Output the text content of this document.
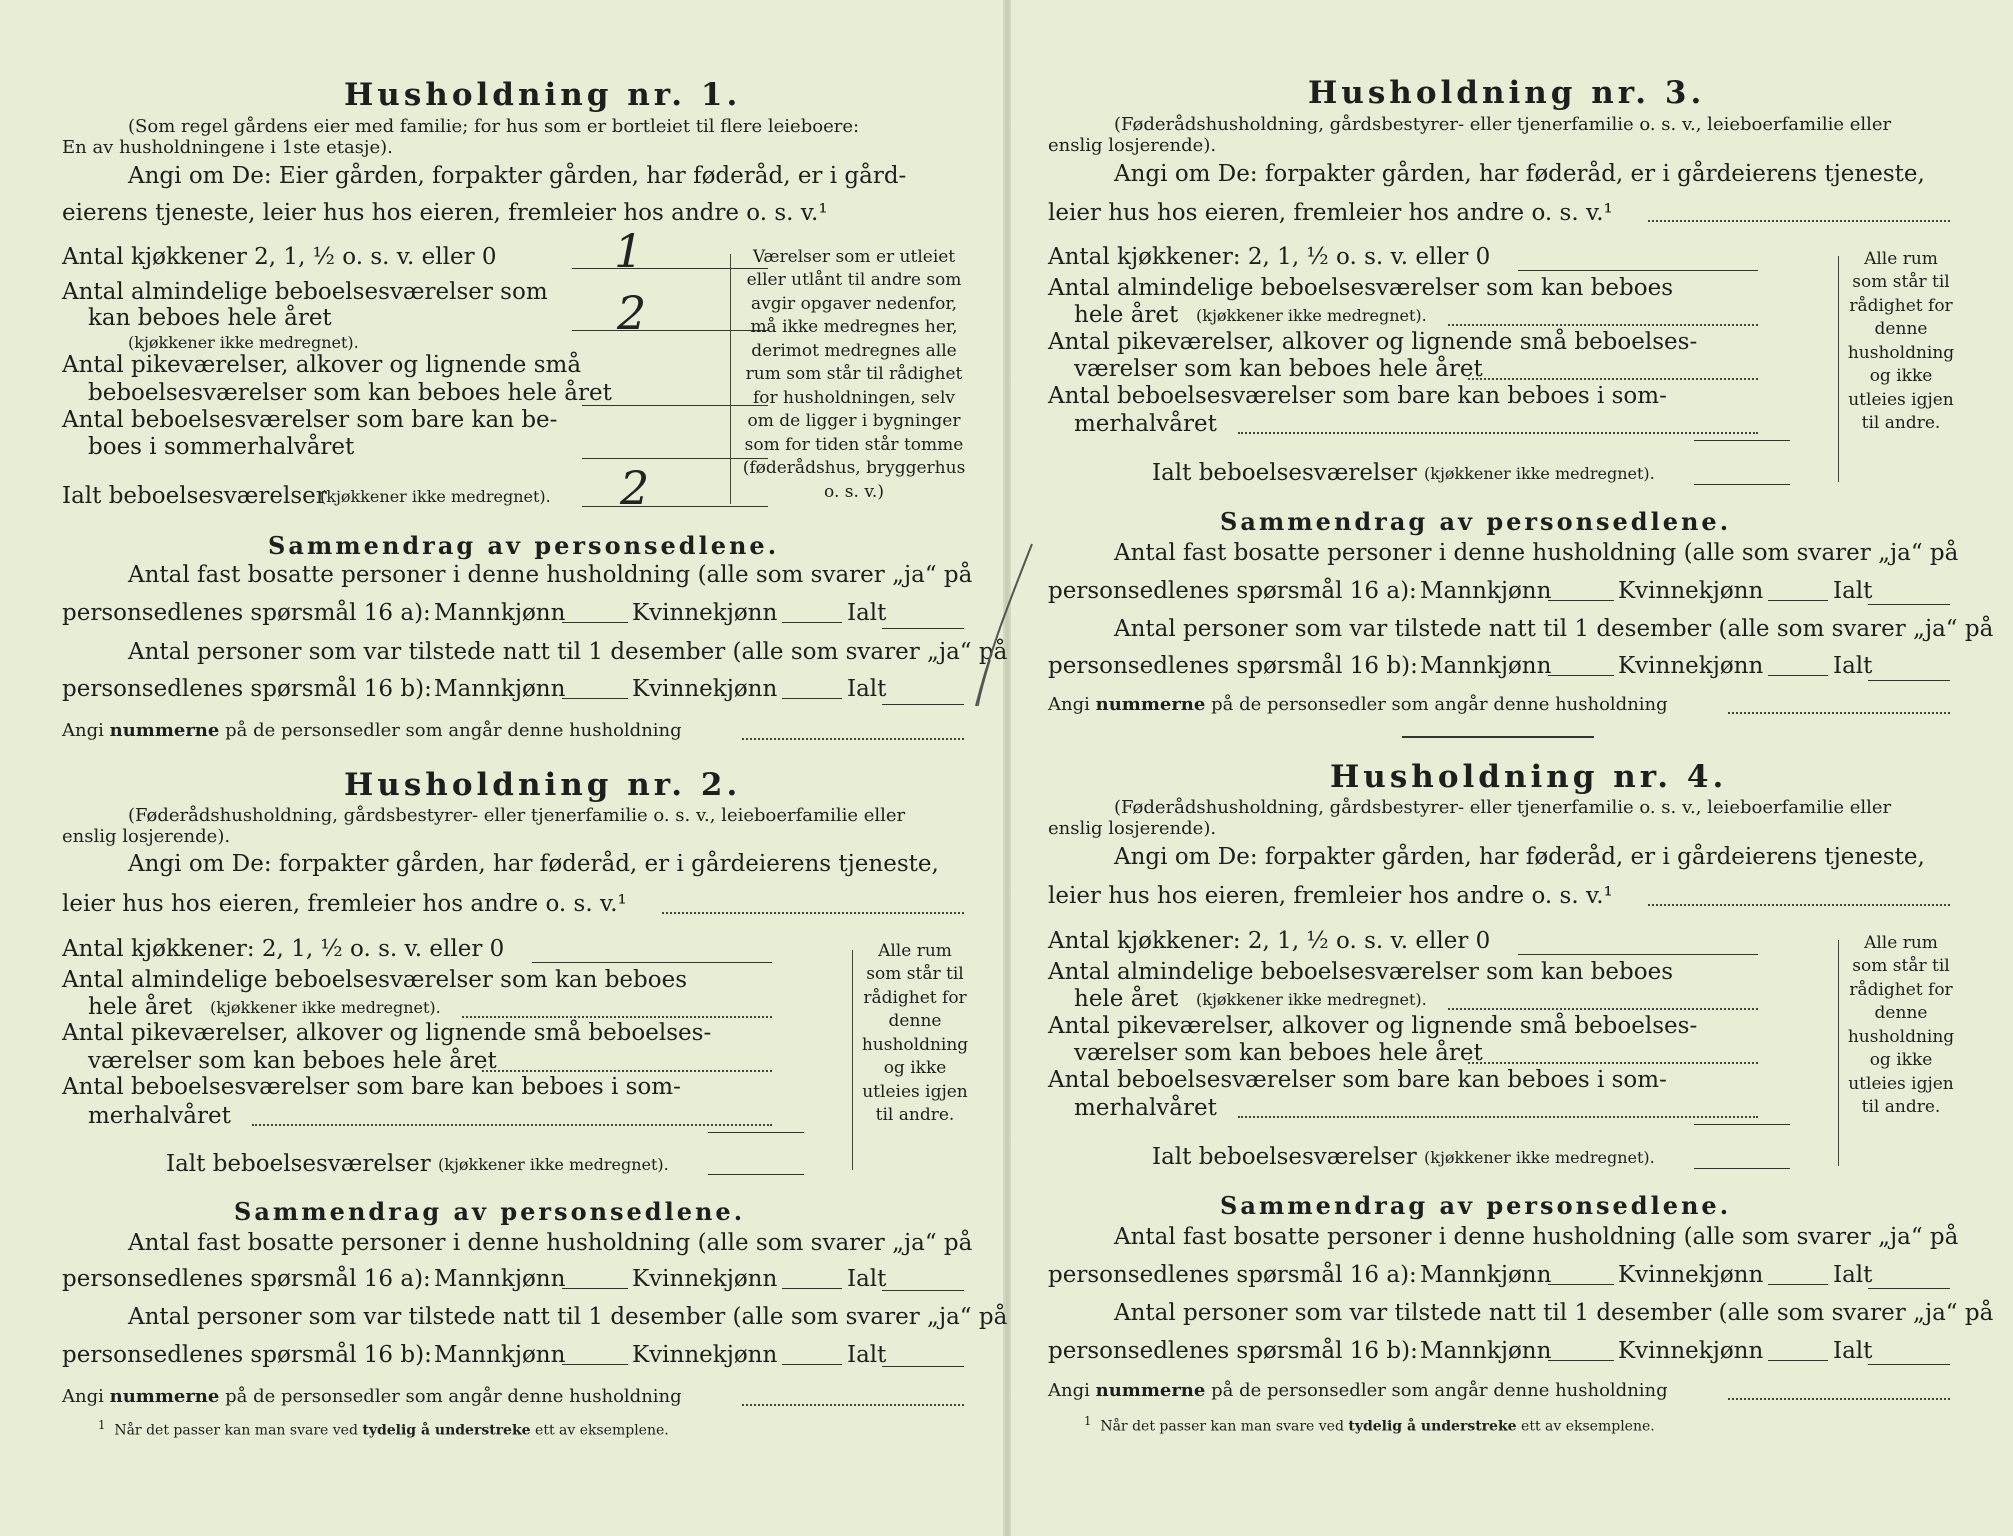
Husholdning nr. 1.
(Som regel gårdens eier med familie; for hus som er bortleiet til flere leieboere:
En av husholdningene i 1ste etasje).
Angi om De: Eier gården, forpakter gården, har føderåd, er i gård-
eierens tjeneste, leier hus hos eieren, fremleier hos andre o. s. v.¹
Antal kjøkkener 2, 1, ½ o. s. v. eller 0	1
Antal almindelige beboelsesværelser som
kan beboes hele året	2
(kjøkkener ikke medregnet).
Antal pikeværelser, alkover og lignende små
beboelsesværelser som kan beboes hele året
Antal beboelsesværelser som bare kan be-
boes i sommerhalvåret
Ialt beboelsesværelser
(kjøkkener ikke medregnet). 2
Værelser som er utleiet eller utlånt til andre som avgir opgaver nedenfor, må ikke medregnes her, derimot medregnes alle rum som står til rådighet for husholdningen, selv om de ligger i bygninger som for tiden står tomme (føderådshus, bryggerhus o. s. v.)
Sammendrag av personsedlene.
Antal fast bosatte personer i denne husholdning (alle som svarer „ja“ på
personsedlenes spørsmål 16 a): Mannkjønn	Kvinnekjønn	Ialt
Antal personer som var tilstede natt til 1 desember (alle som svarer „ja“ på
personsedlenes spørsmål 16 b): Mannkjønn	Kvinnekjønn	Ialt
Angi nummerne på de personsedler som angår denne husholdning
Husholdning nr. 2.
(Føderådshusholdning, gårdsbestyrer- eller tjenerfamilie o. s. v., leieboerfamilie eller
enslig losjerende).
Angi om De: forpakter gården, har føderåd, er i gårdeierens tjeneste,
leier hus hos eieren, fremleier hos andre o. s. v.¹
Antal kjøkkener: 2, 1, ½ o. s. v. eller 0
Antal almindelige beboelsesværelser som kan beboes
hele året (kjøkkener ikke medregnet).
Antal pikeværelser, alkover og lignende små beboelses-
værelser som kan beboes hele året
Antal beboelsesværelser som bare kan beboes i som-
merhalvåret
Ialt beboelsesværelser (kjøkkener ikke medregnet).
Alle rum som står til rådighet for denne husholdning og ikke utleies igjen til andre.
Sammendrag av personsedlene.
Antal fast bosatte personer i denne husholdning (alle som svarer „ja“ på
personsedlenes spørsmål 16 a): Mannkjønn	Kvinnekjønn	Ialt
Antal personer som var tilstede natt til 1 desember (alle som svarer „ja“ på
personsedlenes spørsmål 16 b): Mannkjønn	Kvinnekjønn	Ialt
Angi nummerne på de personsedler som angår denne husholdning
$^1$ Når det passer kan man svare ved tydelig å understreke ett av eksemplene.
Husholdning nr. 3.
(Føderådshusholdning, gårdsbestyrer- eller tjenerfamilie o. s. v., leieboerfamilie eller
enslig losjerende).
Angi om De: forpakter gården, har føderåd, er i gårdeierens tjeneste,
leier hus hos eieren, fremleier hos andre o. s. v.¹
Antal kjøkkener: 2, 1, ½ o. s. v. eller 0
Antal almindelige beboelsesværelser som kan beboes
hele året (kjøkkener ikke medregnet).
Antal pikeværelser, alkover og lignende små beboelses-
værelser som kan beboes hele året
Antal beboelsesværelser som bare kan beboes i som-
merhalvåret
Ialt beboelsesværelser (kjøkkener ikke medregnet).
Alle rum som står til rådighet for denne husholdning og ikke utleies igjen til andre.
Sammendrag av personsedlene.
Antal fast bosatte personer i denne husholdning (alle som svarer „ja“ på
personsedlenes spørsmål 16 a): Mannkjønn	Kvinnekjønn	Ialt
Antal personer som var tilstede natt til 1 desember (alle som svarer „ja“ på
personsedlenes spørsmål 16 b): Mannkjønn	Kvinnekjønn	Ialt
Angi nummerne på de personsedler som angår denne husholdning
Husholdning nr. 4.
(Føderådshusholdning, gårdsbestyrer- eller tjenerfamilie o. s. v., leieboerfamilie eller
enslig losjerende).
Angi om De: forpakter gården, har føderåd, er i gårdeierens tjeneste,
leier hus hos eieren, fremleier hos andre o. s. v.¹
Antal kjøkkener: 2, 1, ½ o. s. v. eller 0
Antal almindelige beboelsesværelser som kan beboes
hele året (kjøkkener ikke medregnet).
Antal pikeværelser, alkover og lignende små beboelses-
værelser som kan beboes hele året
Antal beboelsesværelser som bare kan beboes i som-
merhalvåret
Ialt beboelsesværelser (kjøkkener ikke medregnet).
Alle rum som står til rådighet for denne husholdning og ikke utleies igjen til andre.
Sammendrag av personsedlene.
Antal fast bosatte personer i denne husholdning (alle som svarer „ja“ på
personsedlenes spørsmål 16 a): Mannkjønn	Kvinnekjønn	Ialt
Antal personer som var tilstede natt til 1 desember (alle som svarer „ja“ på
personsedlenes spørsmål 16 b): Mannkjønn	Kvinnekjønn	Ialt
Angi nummerne på de personsedler som angår denne husholdning
$^1$ Når det passer kan man svare ved tydelig å understreke ett av eksemplene.
